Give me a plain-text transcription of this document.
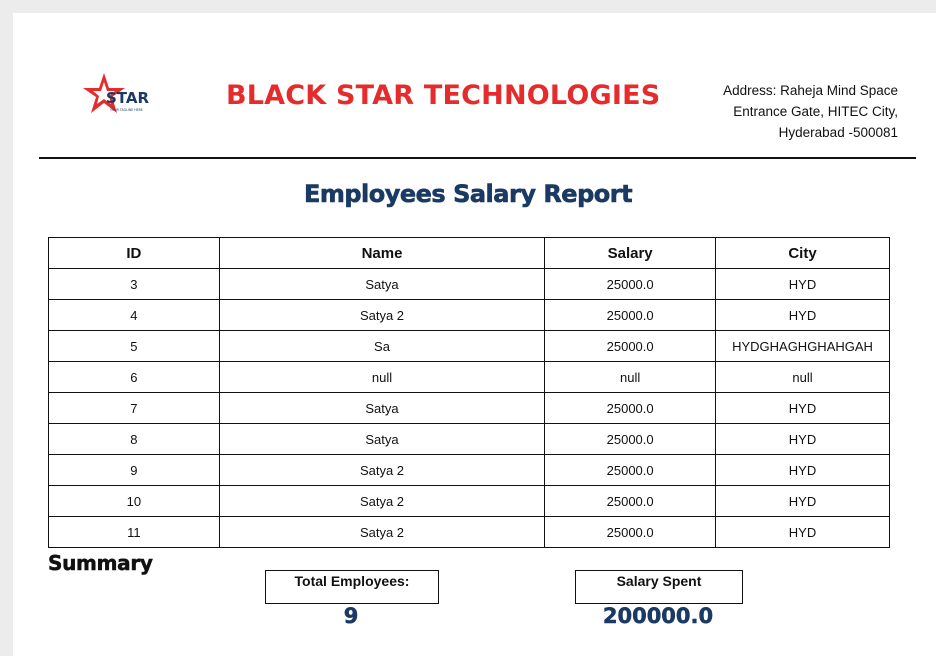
STAR
YOUR TAGLINE HERE	BLACK STAR TECHNOLOGIES	Address: Raheja Mind Space
Entrance Gate, HITEC City,
Hyderabad -500081
Employees Salary Report
ID	Name	Salary	City
3	Satya	25000.0	HYD
4	Satya 2	25000.0	HYD
5	Sa	25000.0	HYDGHAGHGHAHGAH
6	null	null	null
7	Satya	25000.0	HYD
8	Satya	25000.0	HYD
9	Satya 2	25000.0	HYD
10	Satya 2	25000.0	HYD
11	Satya 2	25000.0	HYD
Summary
Total Employees:
9
Salary Spent
200000.0
